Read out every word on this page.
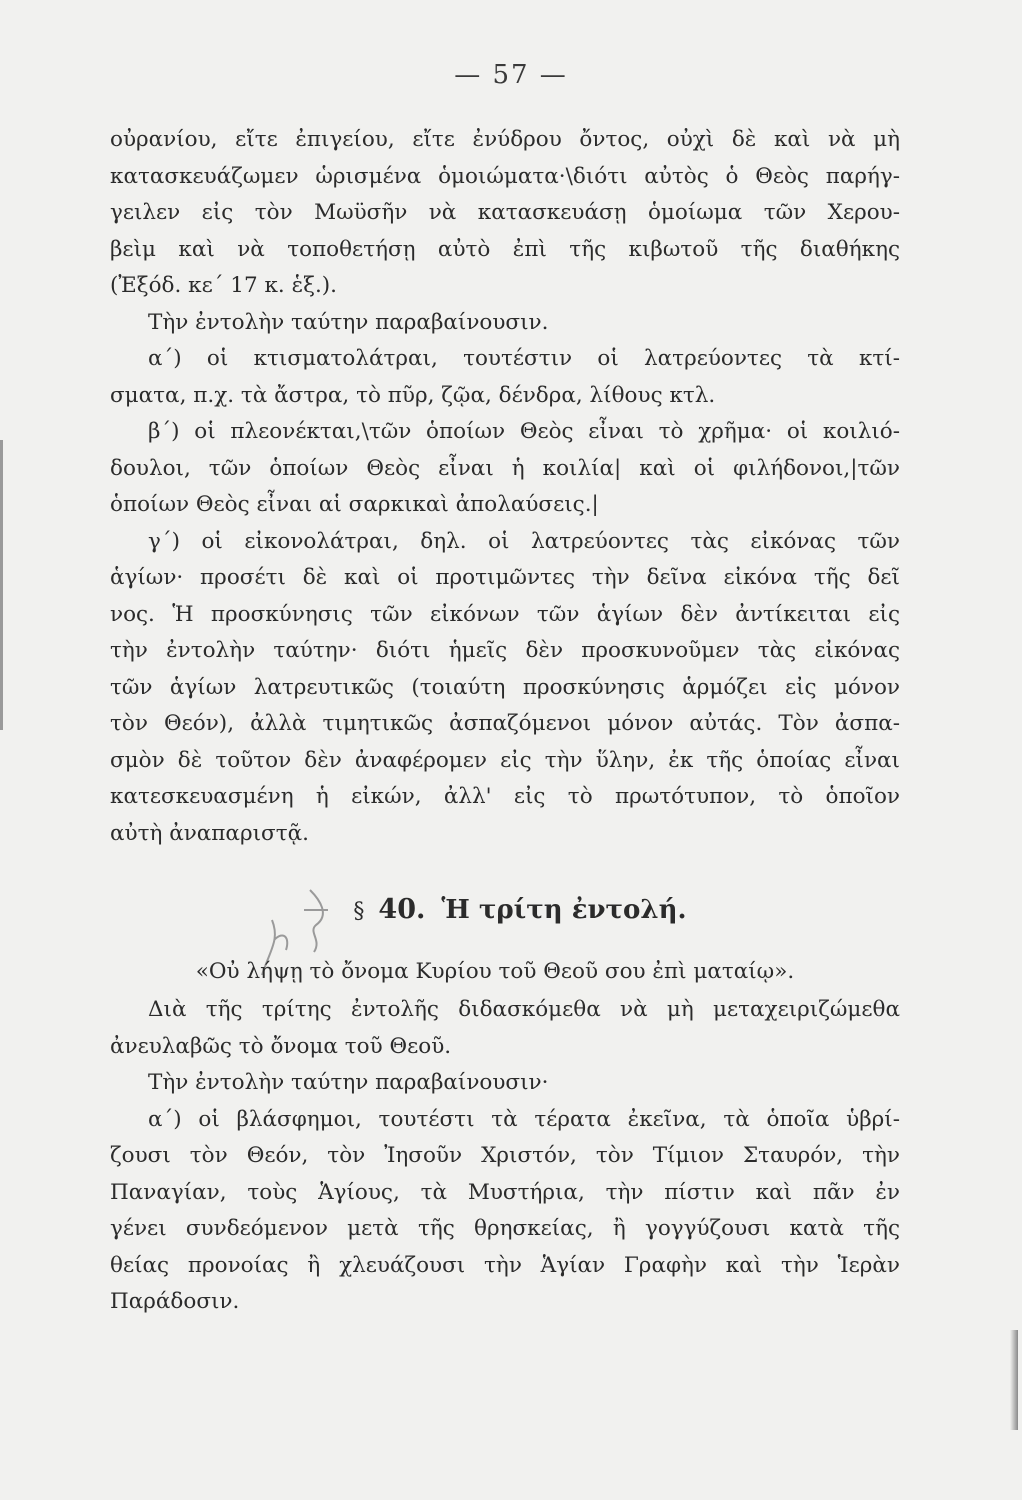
— 57 —
οὐρανίου, εἴτε ἐπιγείου, εἴτε ἐνύδρου ὄντος, οὐχὶ δὲ καὶ νὰ μὴ
κατασκευάζωμεν ὡρισμένα ὁμοιώματα·\διότι αὐτὸς ὁ Θεὸς παρήγ-
γειλεν εἰς τὸν Μωϋσῆν νὰ κατασκευάσῃ ὁμοίωμα τῶν Χερου-
βεὶμ καὶ νὰ τοποθετήσῃ αὐτὸ ἐπὶ τῆς κιβωτοῦ τῆς διαθήκης
(Ἐξόδ. κε΄ 17 κ. ἑξ.).
Τὴν ἐντολὴν ταύτην παραβαίνουσιν.
α΄) οἱ κτισματολάτραι, τουτέστιν οἱ λατρεύοντες τὰ κτί-
σματα, π.χ. τὰ ἄστρα, τὸ πῦρ, ζῷα, δένδρα, λίθους κτλ.
β΄) οἱ πλεονέκται,\τῶν ὁποίων Θεὸς εἶναι τὸ χρῆμα· οἱ κοιλιό-
δουλοι, τῶν ὁποίων Θεὸς εἶναι ἡ κοιλία| καὶ οἱ φιλήδονοι,|τῶν
ὁποίων Θεὸς εἶναι αἱ σαρκικαὶ ἀπολαύσεις.|
γ΄) οἱ εἰκονολάτραι, δηλ. οἱ λατρεύοντες τὰς εἰκόνας τῶν
ἁγίων· προσέτι δὲ καὶ οἱ προτιμῶντες τὴν δεῖνα εἰκόνα τῆς δεῖ
νος. Ἡ προσκύνησις τῶν εἰκόνων τῶν ἁγίων δὲν ἀντίκειται εἰς
τὴν ἐντολὴν ταύτην· διότι ἡμεῖς δὲν προσκυνοῦμεν τὰς εἰκόνας
τῶν ἁγίων λατρευτικῶς (τοιαύτη προσκύνησις ἁρμόζει εἰς μόνον
τὸν Θεόν), ἀλλὰ τιμητικῶς ἀσπαζόμενοι μόνον αὐτάς. Τὸν ἀσπα-
σμὸν δὲ τοῦτον δὲν ἀναφέρομεν εἰς τὴν ὕλην, ἐκ τῆς ὁποίας εἶναι
κατεσκευασμένη ἡ εἰκών, ἀλλ' εἰς τὸ πρωτότυπον, τὸ ὁποῖον
αὐτὴ ἀναπαριστᾷ.
§ 40. Ἡ τρίτη ἐντολή.
«Οὐ λήψῃ τὸ ὄνομα Κυρίου τοῦ Θεοῦ σου ἐπὶ ματαίῳ».
Διὰ τῆς τρίτης ἐντολῆς διδασκόμεθα νὰ μὴ μεταχειριζώμεθα
ἀνευλαβῶς τὸ ὄνομα τοῦ Θεοῦ.
Τὴν ἐντολὴν ταύτην παραβαίνουσιν·
α΄) οἱ βλάσφημοι, τουτέστι τὰ τέρατα ἐκεῖνα, τὰ ὁποῖα ὑβρί-
ζουσι τὸν Θεόν, τὸν Ἰησοῦν Χριστόν, τὸν Τίμιον Σταυρόν, τὴν
Παναγίαν, τοὺς Ἁγίους, τὰ Μυστήρια, τὴν πίστιν καὶ πᾶν ἐν
γένει συνδεόμενον μετὰ τῆς θρησκείας, ἢ γογγύζουσι κατὰ τῆς
θείας προνοίας ἢ χλευάζουσι τὴν Ἁγίαν Γραφὴν καὶ τὴν Ἱερὰν
Παράδοσιν.
